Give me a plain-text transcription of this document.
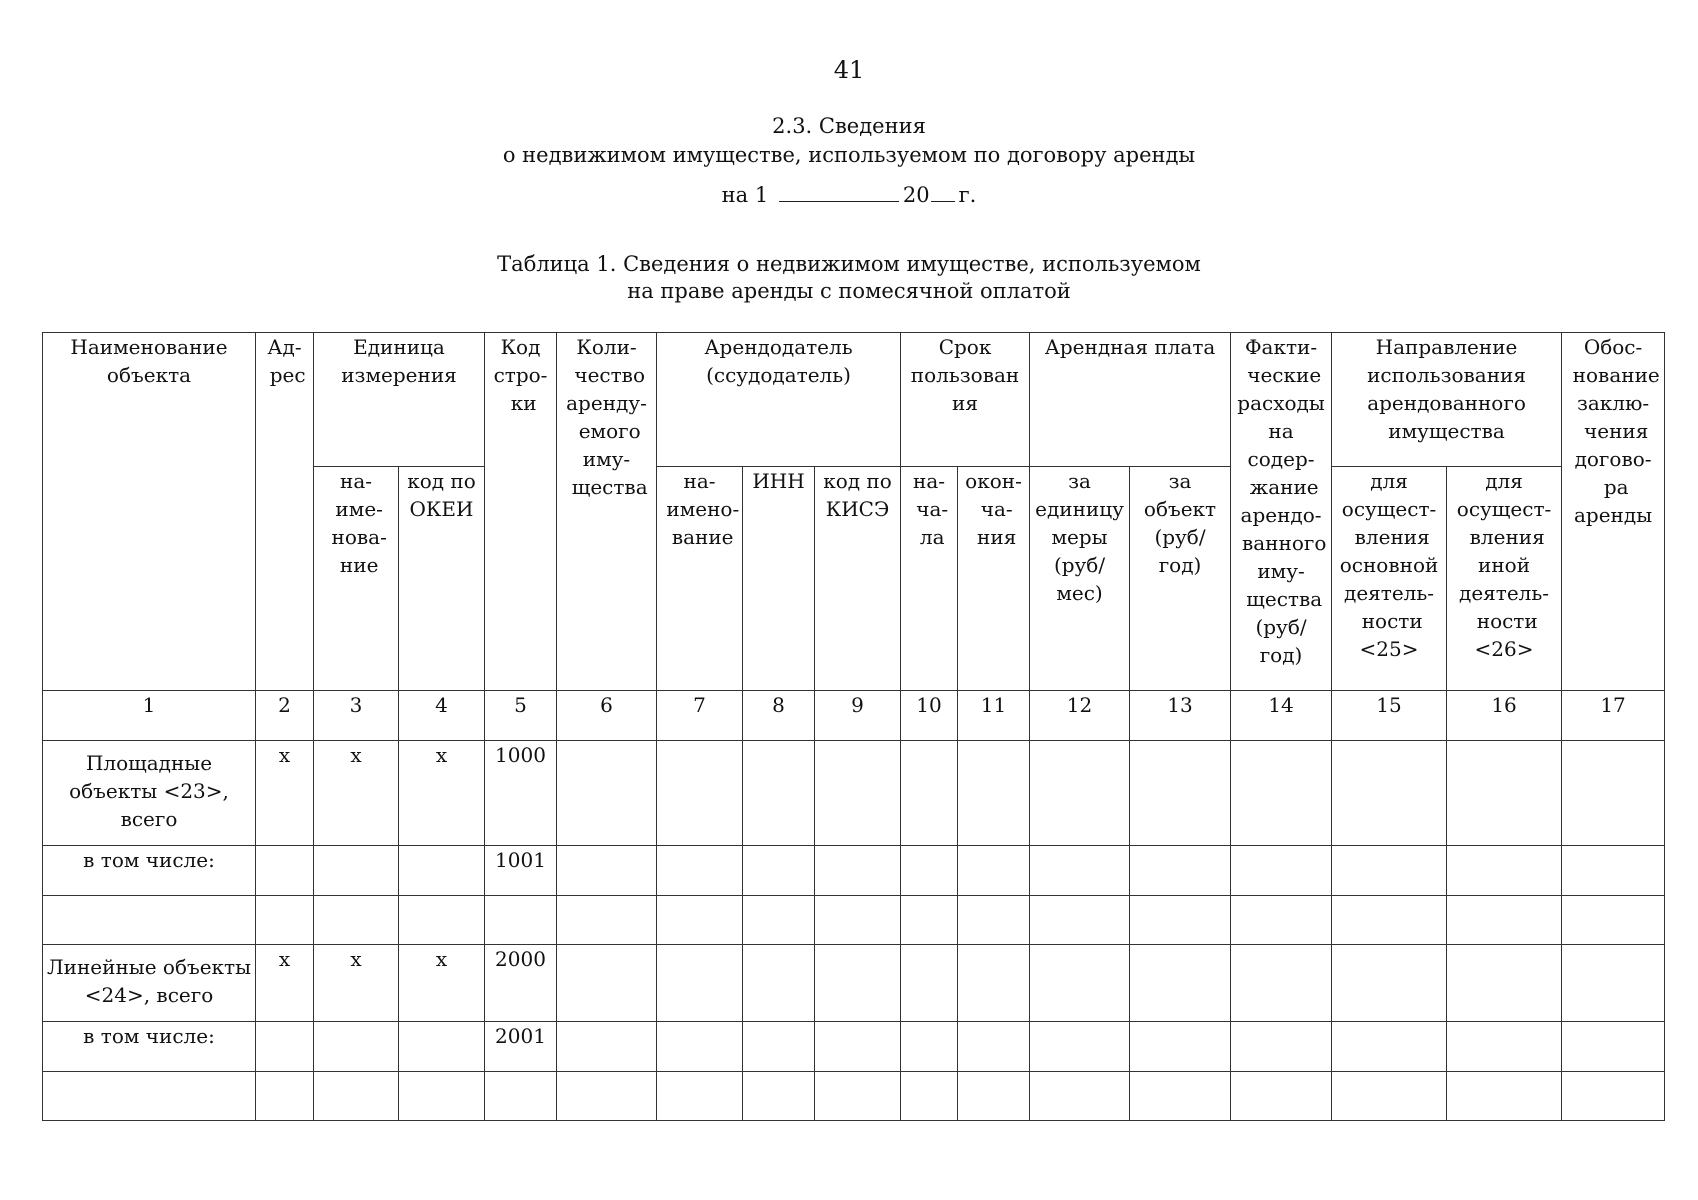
41
2.3. Сведения
о недвижимом имуществе, используемом по договору аренды
на 1	20 г.
Таблица 1. Сведения о недвижимом имуществе, используемом
на праве аренды с помесячной оплатой
Наименование объекта	Ад- рес	Единица измерения		Код стро- ки	Коли- чество аренду- емого иму- щества	Арендодатель (ссудодатель)			Срок пользован ия		Арендная плата		Факти- ческие расходы на содер- жание арендо- ванного иму- щества (руб/ год)	Направление использования арендованного имущества		Обос- нование заклю- чения догово- ра аренды
		на- име- нова- ние	код по ОКЕИ			на- имено- вание	ИНН	код по КИСЭ	на- ча- ла	окон- ча- ния	за единицу меры (руб/ мес)	за объект (руб/ год)		для осущест- вления основной деятель- ности <25>	для осущест- вления иной деятель- ности <26>	
1	2	3	4	5	6	7	8	9	10	11	12	13	14	15	16	17
Площадные объекты <23>, всего	х	х	х	1000												
в том числе:				1001												

Линейные объекты <24>, всего	х	х	х	2000												
в том числе:				2001												
